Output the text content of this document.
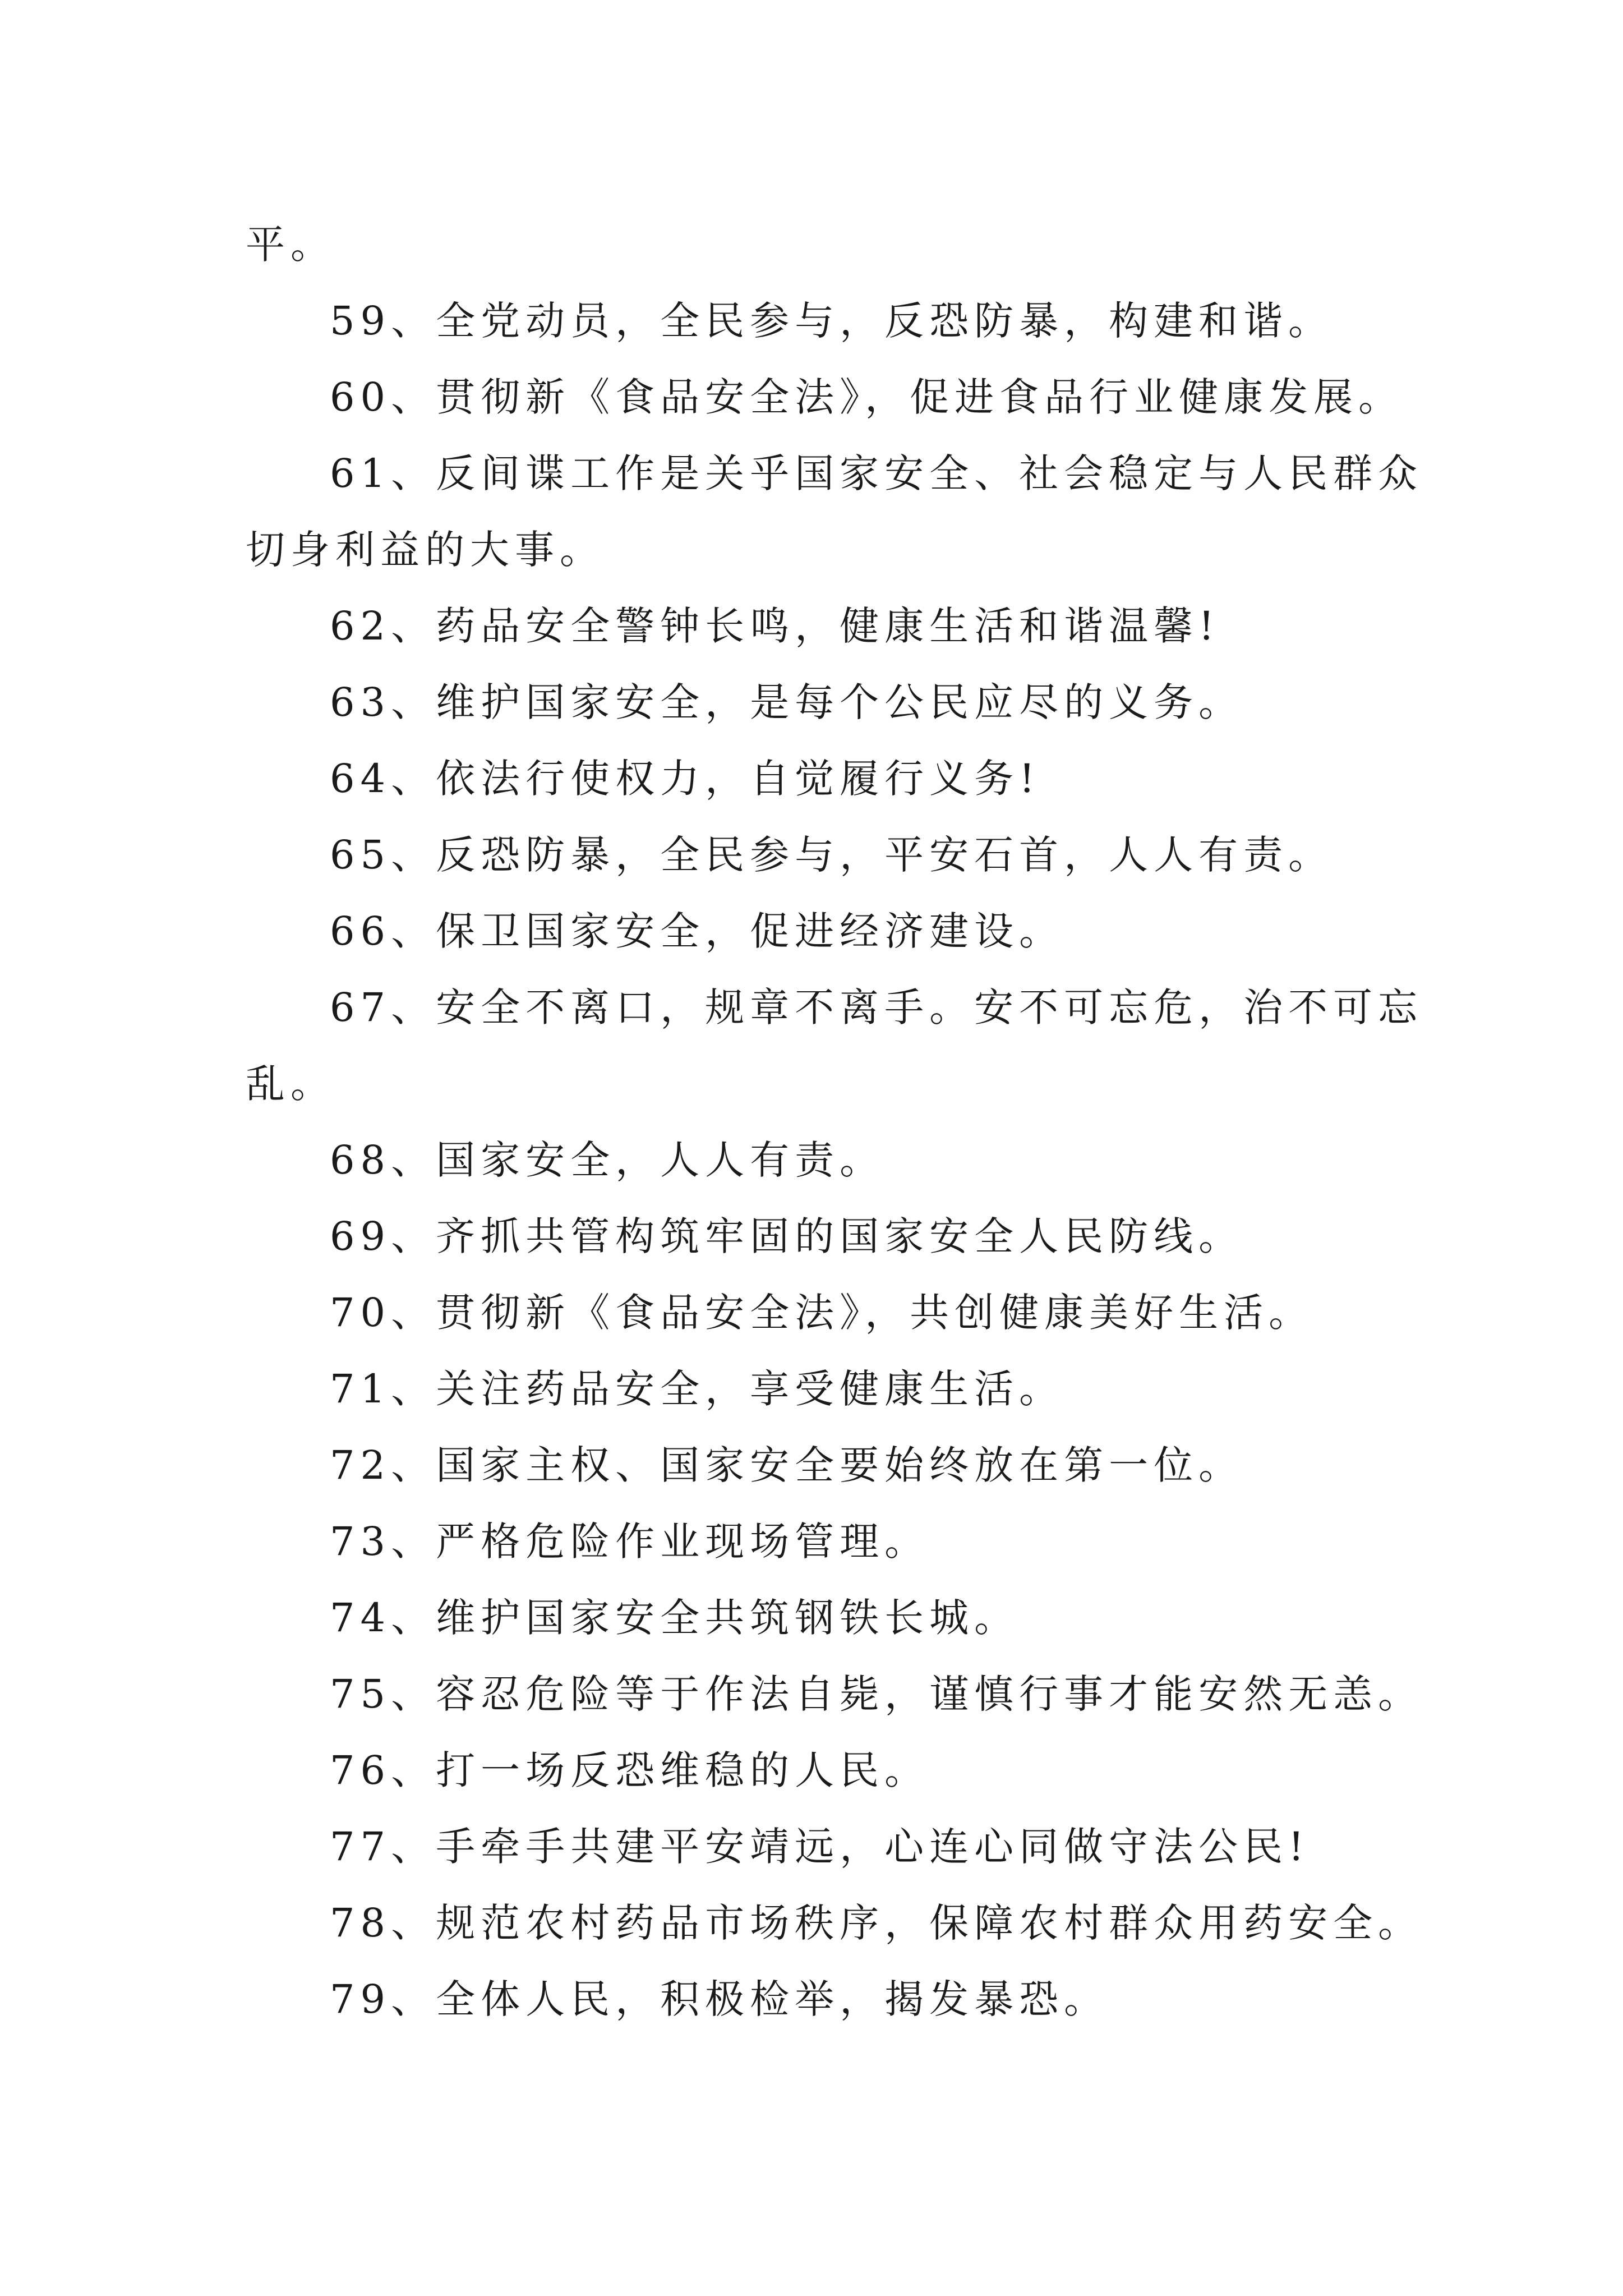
平。
59、全党动员，全民参与，反恐防暴，构建和谐。
60、贯彻新《食品安全法》，促进食品行业健康发展。
61、反间谍工作是关乎国家安全、社会稳定与人民群众
切身利益的大事。
62、药品安全警钟长鸣，健康生活和谐温馨!
63、维护国家安全，是每个公民应尽的义务。
64、依法行使权力，自觉履行义务!
65、反恐防暴，全民参与，平安石首，人人有责。
66、保卫国家安全，促进经济建设。
67、安全不离口，规章不离手。安不可忘危，治不可忘
乱。
68、国家安全，人人有责。
69、齐抓共管构筑牢固的国家安全人民防线。
70、贯彻新《食品安全法》，共创健康美好生活。
71、关注药品安全，享受健康生活。
72、国家主权、国家安全要始终放在第一位。
73、严格危险作业现场管理。
74、维护国家安全共筑钢铁长城。
75、容忍危险等于作法自毙，谨慎行事才能安然无恙。
76、打一场反恐维稳的人民。
77、手牵手共建平安靖远，心连心同做守法公民!
78、规范农村药品市场秩序，保障农村群众用药安全。
79、全体人民，积极检举，揭发暴恐。
